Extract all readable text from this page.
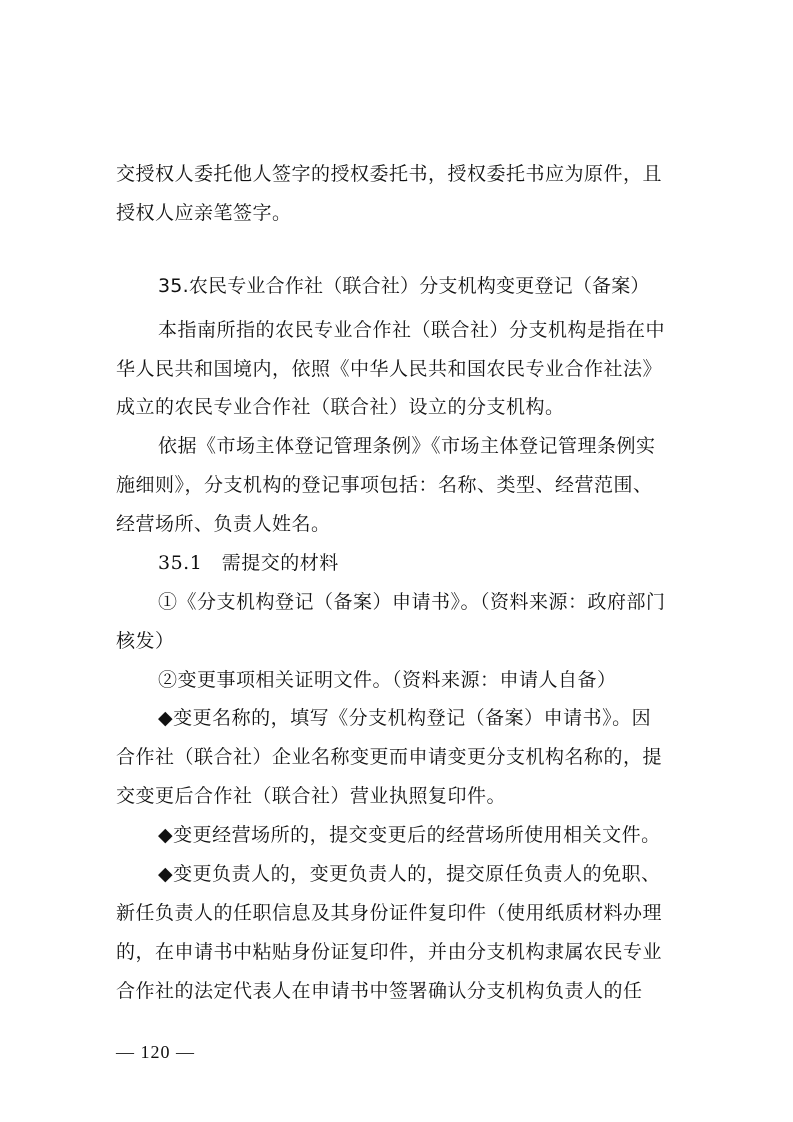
交授权人委托他人签字的授权委托书，授权委托书应为原件，且
授权人应亲笔签字。
35.农民专业合作社（联合社）分支机构变更登记（备案）
本指南所指的农民专业合作社（联合社）分支机构是指在中
华人民共和国境内，依照《中华人民共和国农民专业合作社法》
成立的农民专业合作社（联合社）设立的分支机构。
依据《市场主体登记管理条例》《市场主体登记管理条例实
施细则》，分支机构的登记事项包括：名称、类型、经营范围、
经营场所、负责人姓名。
35.1　需提交的材料
①《分支机构登记（备案）申请书》。（资料来源：政府部门
核发）
②变更事项相关证明文件。（资料来源：申请人自备）
◆变更名称的，填写《分支机构登记（备案）申请书》。因
合作社（联合社）企业名称变更而申请变更分支机构名称的，提
交变更后合作社（联合社）营业执照复印件。
◆变更经营场所的，提交变更后的经营场所使用相关文件。
◆变更负责人的，变更负责人的，提交原任负责人的免职、
新任负责人的任职信息及其身份证件复印件（使用纸质材料办理
的，在申请书中粘贴身份证复印件，并由分支机构隶属农民专业
合作社的法定代表人在申请书中签署确认分支机构负责人的任
— 120 —
